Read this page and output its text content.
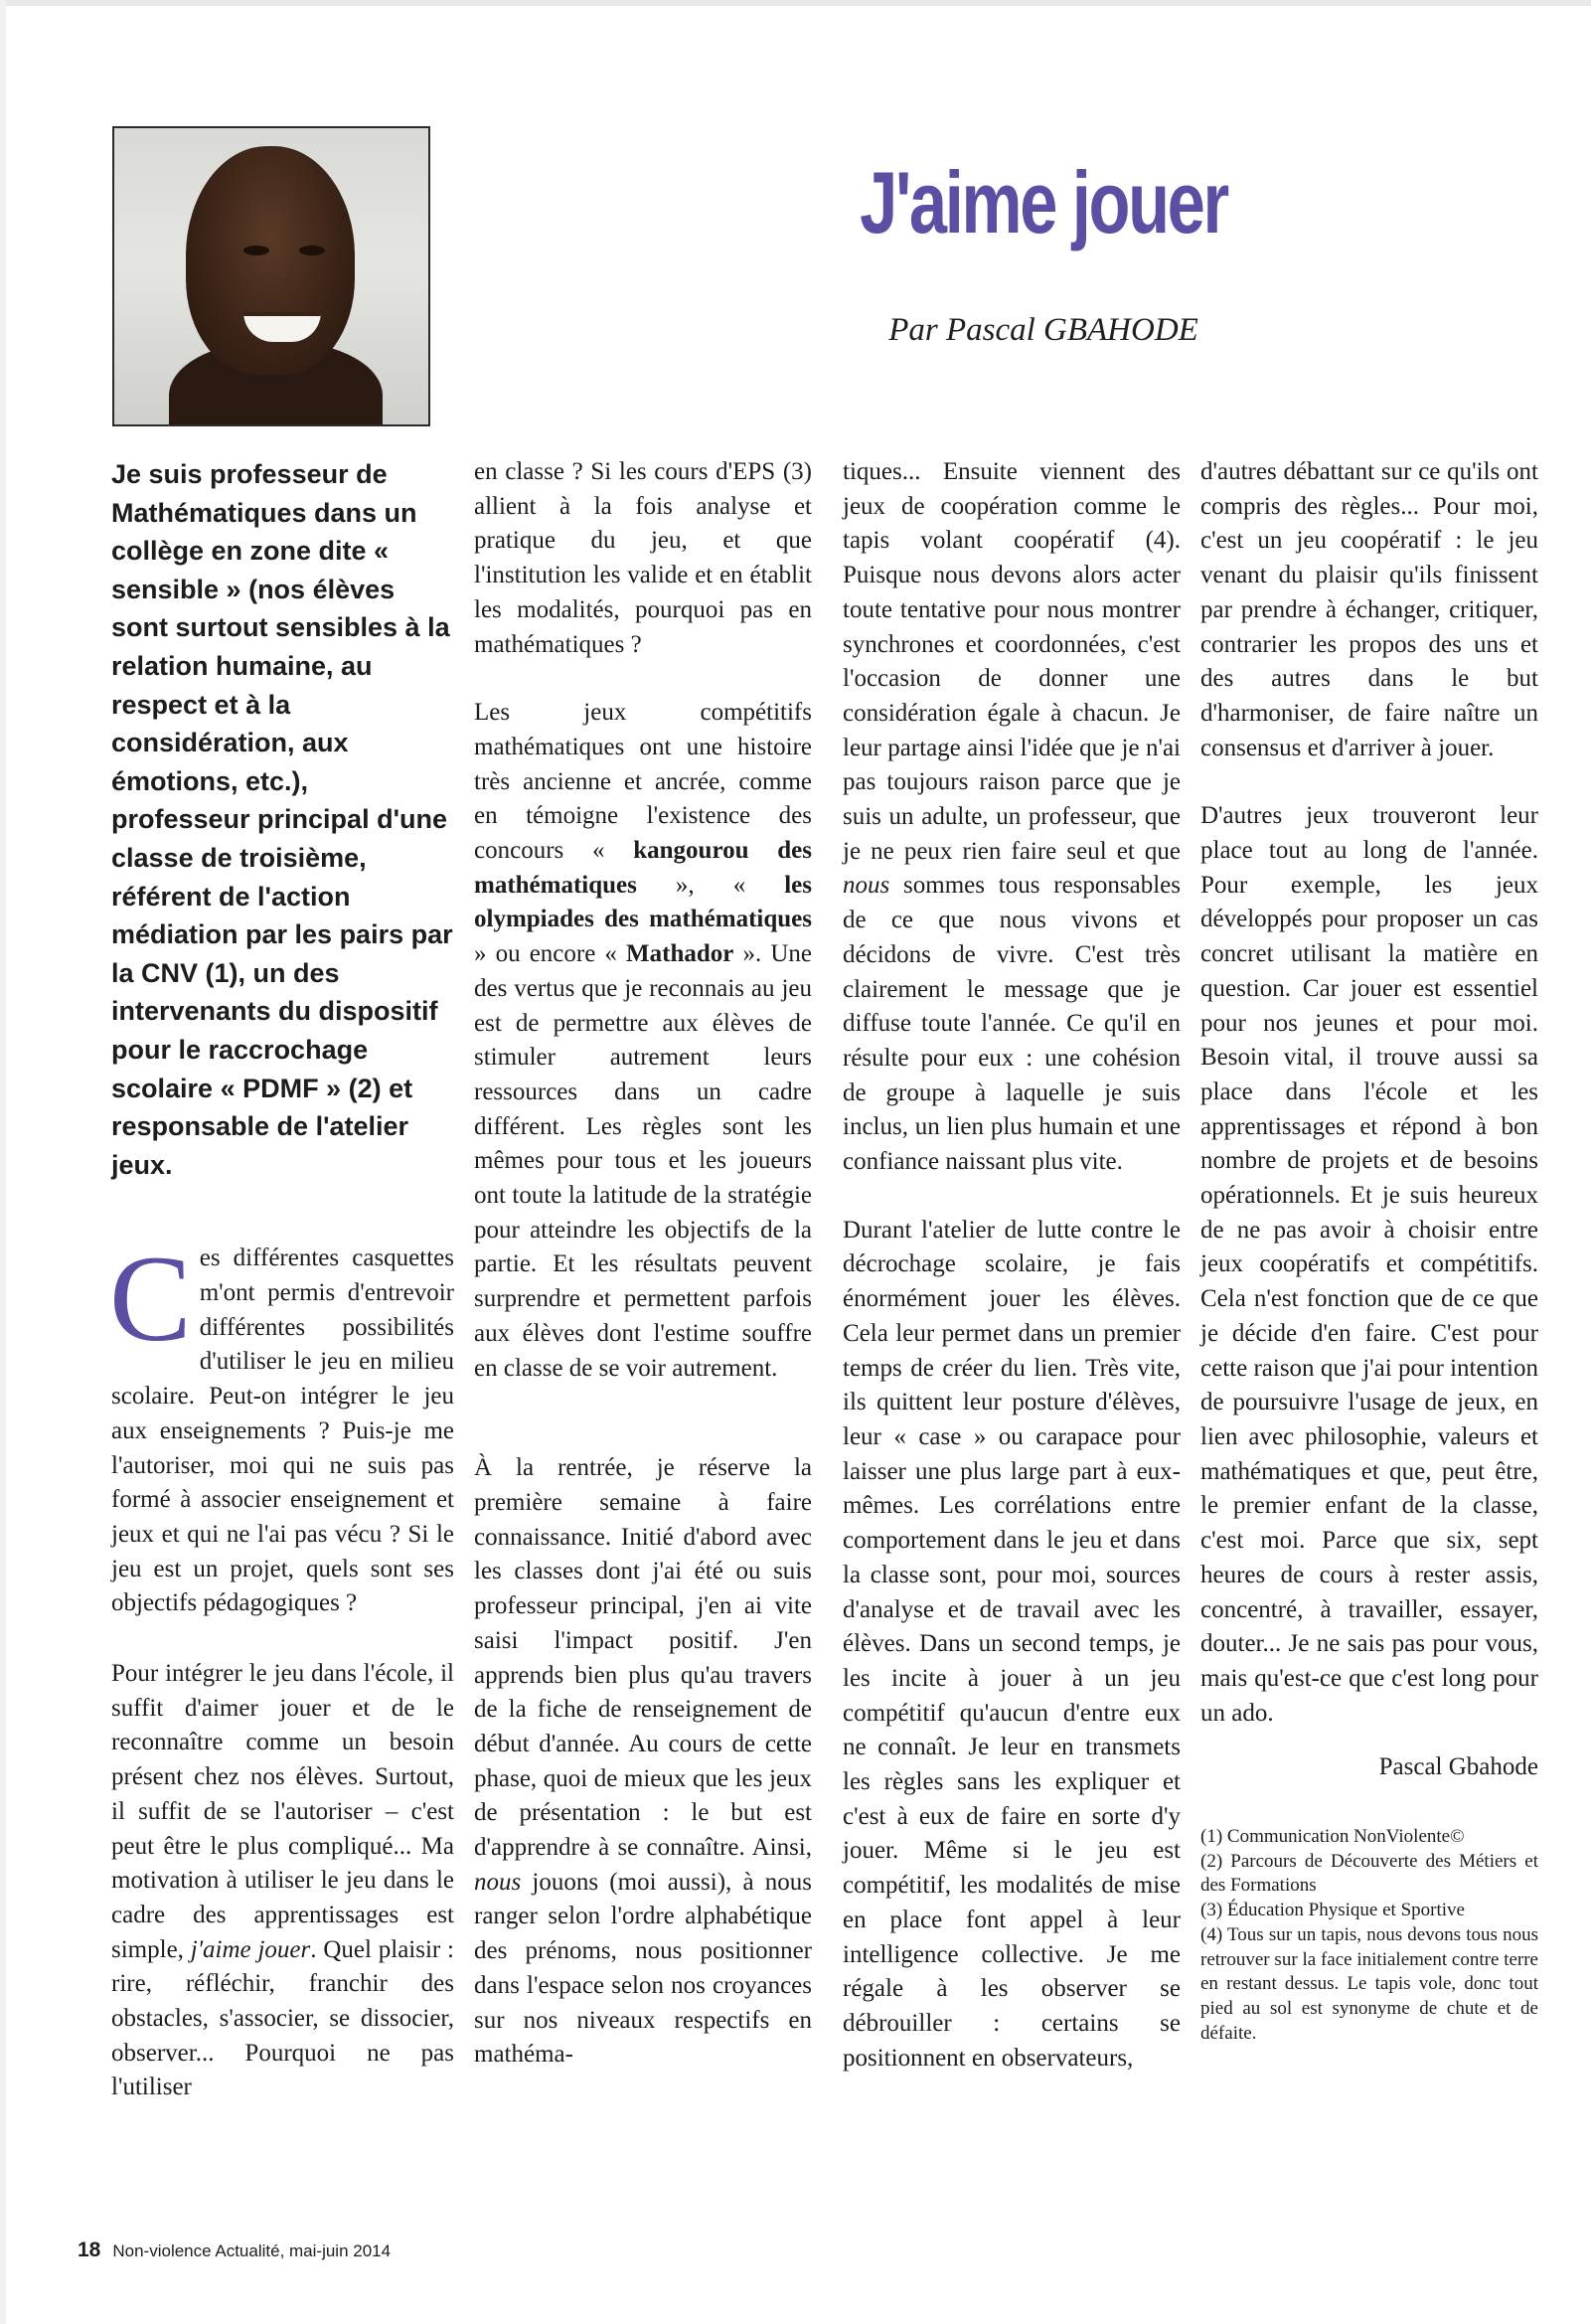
J'aime jouer
Par Pascal GBAHODE

Je suis professeur de Mathématiques dans un collège en zone dite « sensible » (nos élèves sont surtout sensibles à la relation humaine, au respect et à la considération, aux émotions, etc.), professeur principal d'une classe de troisième, référent de l'action médiation par les pairs par la CNV (1), un des intervenants du dispositif pour le raccrochage scolaire « PDMF » (2) et responsable de l'atelier jeux.

Ces différentes casquettes m'ont permis d'entrevoir différentes possibilités d'utiliser le jeu en milieu scolaire. Peut-on intégrer le jeu aux enseignements ? Puis-je me l'autoriser, moi qui ne suis pas formé à associer enseignement et jeux et qui ne l'ai pas vécu ? Si le jeu est un projet, quels sont ses objectifs pédagogiques ?

Pour intégrer le jeu dans l'école, il suffit d'aimer jouer et de le reconnaître comme un besoin présent chez nos élèves. Surtout, il suffit de se l'autoriser – c'est peut être le plus compliqué... Ma motivation à utiliser le jeu dans le cadre des apprentissages est simple, j'aime jouer. Quel plaisir : rire, réfléchir, franchir des obstacles, s'associer, se dissocier, observer... Pourquoi ne pas l'utiliser

en classe ? Si les cours d'EPS (3) allient à la fois analyse et pratique du jeu, et que l'institution les valide et en établit les modalités, pourquoi pas en mathématiques ?

Les jeux compétitifs mathématiques ont une histoire très ancienne et ancrée, comme en témoigne l'existence des concours « kangourou des mathématiques », « les olympiades des mathématiques » ou encore « Mathador ». Une des vertus que je reconnais au jeu est de permettre aux élèves de stimuler autrement leurs ressources dans un cadre différent. Les règles sont les mêmes pour tous et les joueurs ont toute la latitude de la stratégie pour atteindre les objectifs de la partie. Et les résultats peuvent surprendre et permettent parfois aux élèves dont l'estime souffre en classe de se voir autrement.

À la rentrée, je réserve la première semaine à faire connaissance. Initié d'abord avec les classes dont j'ai été ou suis professeur principal, j'en ai vite saisi l'impact positif. J'en apprends bien plus qu'au travers de la fiche de renseignement de début d'année. Au cours de cette phase, quoi de mieux que les jeux de présentation : le but est d'apprendre à se connaître. Ainsi, nous jouons (moi aussi), à nous ranger selon l'ordre alphabétique des prénoms, nous positionner dans l'espace selon nos croyances sur nos niveaux respectifs en mathéma-

tiques... Ensuite viennent des jeux de coopération comme le tapis volant coopératif (4). Puisque nous devons alors acter toute tentative pour nous montrer synchrones et coordonnées, c'est l'occasion de donner une considération égale à chacun. Je leur partage ainsi l'idée que je n'ai pas toujours raison parce que je suis un adulte, un professeur, que je ne peux rien faire seul et que nous sommes tous responsables de ce que nous vivons et décidons de vivre. C'est très clairement le message que je diffuse toute l'année. Ce qu'il en résulte pour eux : une cohésion de groupe à laquelle je suis inclus, un lien plus humain et une confiance naissant plus vite.

Durant l'atelier de lutte contre le décrochage scolaire, je fais énormément jouer les élèves. Cela leur permet dans un premier temps de créer du lien. Très vite, ils quittent leur posture d'élèves, leur « case » ou carapace pour laisser une plus large part à eux-mêmes. Les corrélations entre comportement dans le jeu et dans la classe sont, pour moi, sources d'analyse et de travail avec les élèves. Dans un second temps, je les incite à jouer à un jeu compétitif qu'aucun d'entre eux ne connaît. Je leur en transmets les règles sans les expliquer et c'est à eux de faire en sorte d'y jouer. Même si le jeu est compétitif, les modalités de mise en place font appel à leur intelligence collective. Je me régale à les observer se débrouiller : certains se positionnent en observateurs,

d'autres débattant sur ce qu'ils ont compris des règles... Pour moi, c'est un jeu coopératif : le jeu venant du plaisir qu'ils finissent par prendre à échanger, critiquer, contrarier les propos des uns et des autres dans le but d'harmoniser, de faire naître un consensus et d'arriver à jouer.

D'autres jeux trouveront leur place tout au long de l'année. Pour exemple, les jeux développés pour proposer un cas concret utilisant la matière en question. Car jouer est essentiel pour nos jeunes et pour moi. Besoin vital, il trouve aussi sa place dans l'école et les apprentissages et répond à bon nombre de projets et de besoins opérationnels. Et je suis heureux de ne pas avoir à choisir entre jeux coopératifs et compétitifs. Cela n'est fonction que de ce que je décide d'en faire. C'est pour cette raison que j'ai pour intention de poursuivre l'usage de jeux, en lien avec philosophie, valeurs et mathématiques et que, peut être, le premier enfant de la classe, c'est moi. Parce que six, sept heures de cours à rester assis, concentré, à travailler, essayer, douter... Je ne sais pas pour vous, mais qu'est-ce que c'est long pour un ado.

Pascal Gbahode

(1) Communication NonViolente©

(2) Parcours de Découverte des Métiers et des Formations

(3) Éducation Physique et Sportive

(4) Tous sur un tapis, nous devons tous nous retrouver sur la face initialement contre terre en restant dessus. Le tapis vole, donc tout pied au sol est synonyme de chute et de défaite.

18 Non-violence Actualité, mai-juin 2014
